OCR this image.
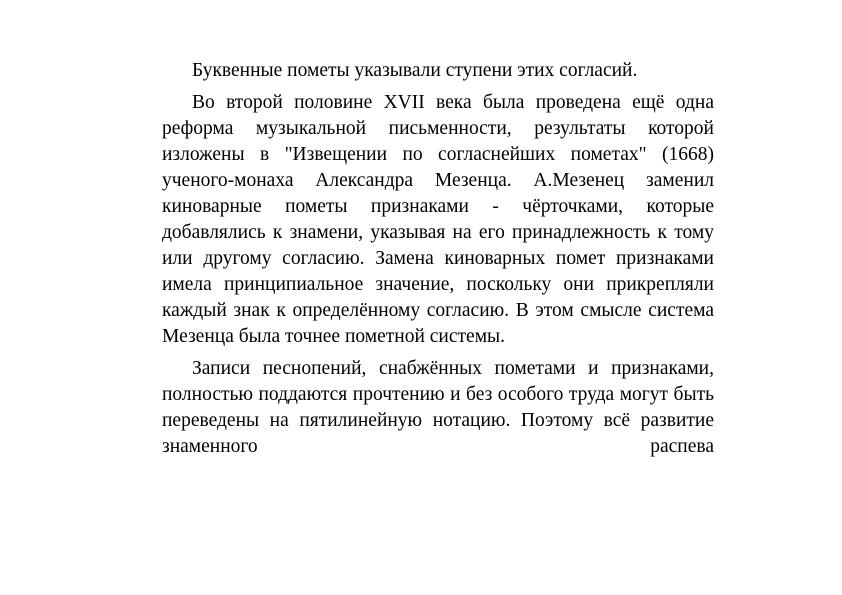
Буквенные пометы указывали ступени этих согласий.

Во второй половине XVII века была проведена ещё одна реформа музыкальной письменности, результаты которой изложены в "Извещении по согласнейших пометах" (1668) ученого-монаха Александра Мезенца. А.Мезенец заменил киноварные пометы признаками - чёрточками, которые добавлялись к знамени, указывая на его принадлежность к тому или другому согласию. Замена киноварных помет признаками имела принципиальное значение, поскольку они прикрепляли каждый знак к определённому согласию. В этом смысле система Мезенца была точнее пометной системы.

Записи песнопений, снабжённых пометами и признаками, полностью поддаются прочтению и без особого труда могут быть переведены на пятилинейную нотацию. Поэтому всё развитие знаменного распева
